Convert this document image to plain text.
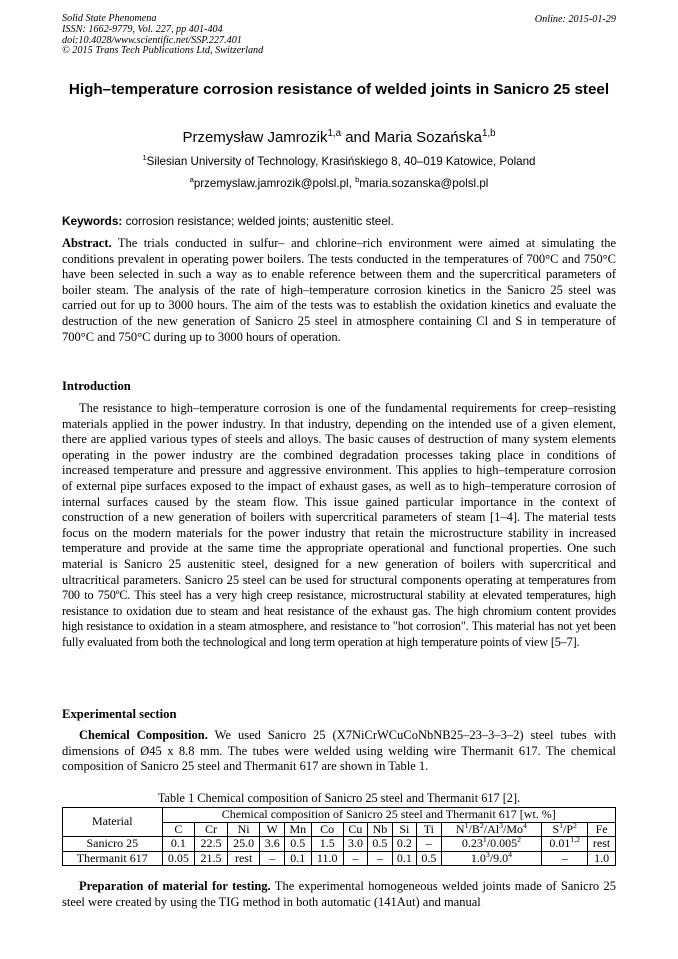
Solid State Phenomena
ISSN: 1662-9779, Vol. 227, pp 401-404
doi:10.4028/www.scientific.net/SSP.227.401
© 2015 Trans Tech Publications Ltd, Switzerland
Online: 2015-01-29
High–temperature corrosion resistance of welded joints in Sanicro 25 steel
Przemysław Jamrozik$^{1,a}$ and Maria Sozańska$^{1,b}$
$^1$Silesian University of Technology, Krasińskiego 8, 40–019 Katowice, Poland
$^a$przemyslaw.jamrozik@polsl.pl, $^b$maria.sozanska@polsl.pl
Keywords: corrosion resistance; welded joints; austenitic steel.
Abstract. The trials conducted in sulfur– and chlorine–rich environment were aimed at simulating the conditions prevalent in operating power boilers. The tests conducted in the temperatures of 700°C and 750°C have been selected in such a way as to enable reference between them and the supercritical parameters of boiler steam. The analysis of the rate of high–temperature corrosion kinetics in the Sanicro 25 steel was carried out for up to 3000 hours. The aim of the tests was to establish the oxidation kinetics and evaluate the destruction of the new generation of Sanicro 25 steel in atmosphere containing Cl and S in temperature of 700°C and 750°C during up to 3000 hours of operation.
Introduction
The resistance to high–temperature corrosion is one of the fundamental requirements for creep–resisting materials applied in the power industry. In that industry, depending on the intended use of a given element, there are applied various types of steels and alloys. The basic causes of destruction of many system elements operating in the power industry are the combined degradation processes taking place in conditions of increased temperature and pressure and aggressive environment. This applies to high–temperature corrosion of external pipe surfaces exposed to the impact of exhaust gases, as well as to high–temperature corrosion of internal surfaces caused by the steam flow. This issue gained particular importance in the context of construction of a new generation of boilers with supercritical parameters of steam [1–4]. The material tests focus on the modern materials for the power industry that retain the microstructure stability in increased temperature and provide at the same time the appropriate operational and functional properties. One such material is Sanicro 25 austenitic steel, designed for a new generation of boilers with supercritical and ultracritical parameters. Sanicro 25 steel can be used for structural components operating at temperatures from 700 to 750ºC. This steel has a very high creep resistance, microstructural stability at elevated temperatures, high resistance to oxidation due to steam and heat resistance of the exhaust gas. The high chromium content provides high resistance to oxidation in a steam atmosphere, and resistance to "hot corrosion". This material has not yet been fully evaluated from both the technological and long term operation at high temperature points of view [5–7].
Experimental section
Chemical Composition. We used Sanicro 25 (X7NiCrWCuCoNbNB25–23–3–3–2) steel tubes with dimensions of Ø45 x 8.8 mm. The tubes were welded using welding wire Thermanit 617. The chemical composition of Sanicro 25 steel and Thermanit 617 are shown in Table 1.
Table 1 Chemical composition of Sanicro 25 steel and Thermanit 617 [2].
Material	Chemical composition of Sanicro 25 steel and Thermanit 617 [wt. %]												
	C	Cr	Ni	W	Mn	Co	Cu	Nb	Si	Ti	$N^1/B^2/Al^3/Mo^4$	$S^1/P^2$	Fe
Sanicro 25	0.1	22.5	25.0	3.6	0.5	1.5	3.0	0.5	0.2	–	0.23$^1$/0.005$^2$	0.01$^{1,2}$	rest
Thermanit 617	0.05	21.5	rest	–	0.1	11.0	–	–	0.1	0.5	$1.0^3/9.0^4$	–	1.0
Preparation of material for testing. The experimental homogeneous welded joints made of Sanicro 25 steel were created by using the TIG method in both automatic (141Aut) and manual
